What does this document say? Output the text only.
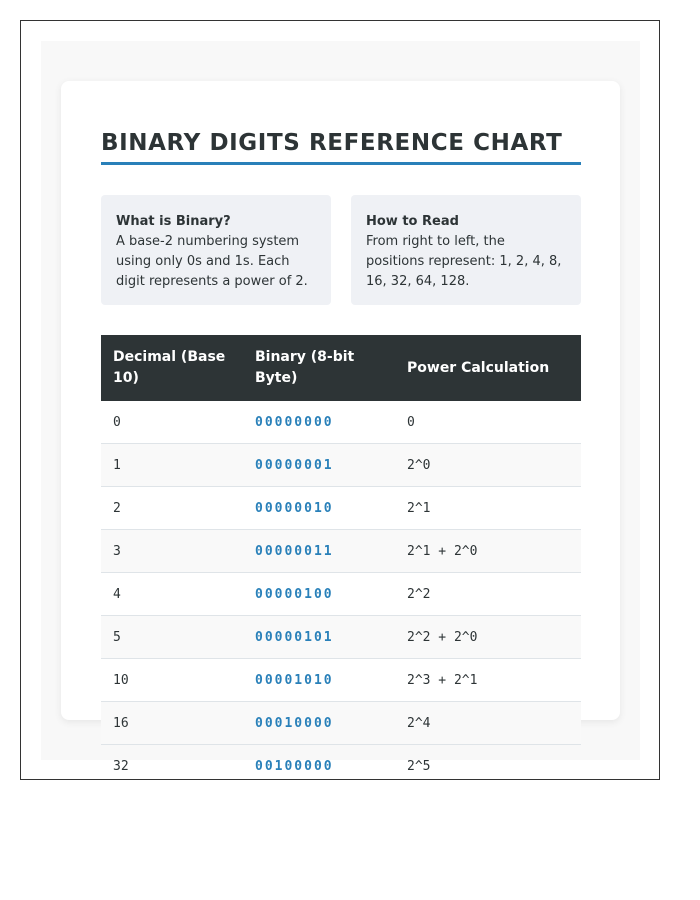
BINARY DIGITS REFERENCE CHART
What is Binary?
A base-2 numbering system using only 0s and 1s. Each digit represents a power of 2.
How to Read
From right to left, the positions represent: 1, 2, 4, 8, 16, 32, 64, 128.
Decimal (Base 10)	Binary (8-bit Byte)	Power Calculation
0	00000000	0
1	00000001	2^0
2	00000010	2^1
3	00000011	2^1 + 2^0
4	00000100	2^2
5	00000101	2^2 + 2^0
10	00001010	2^3 + 2^1
16	00010000	2^4
32	00100000	2^5
